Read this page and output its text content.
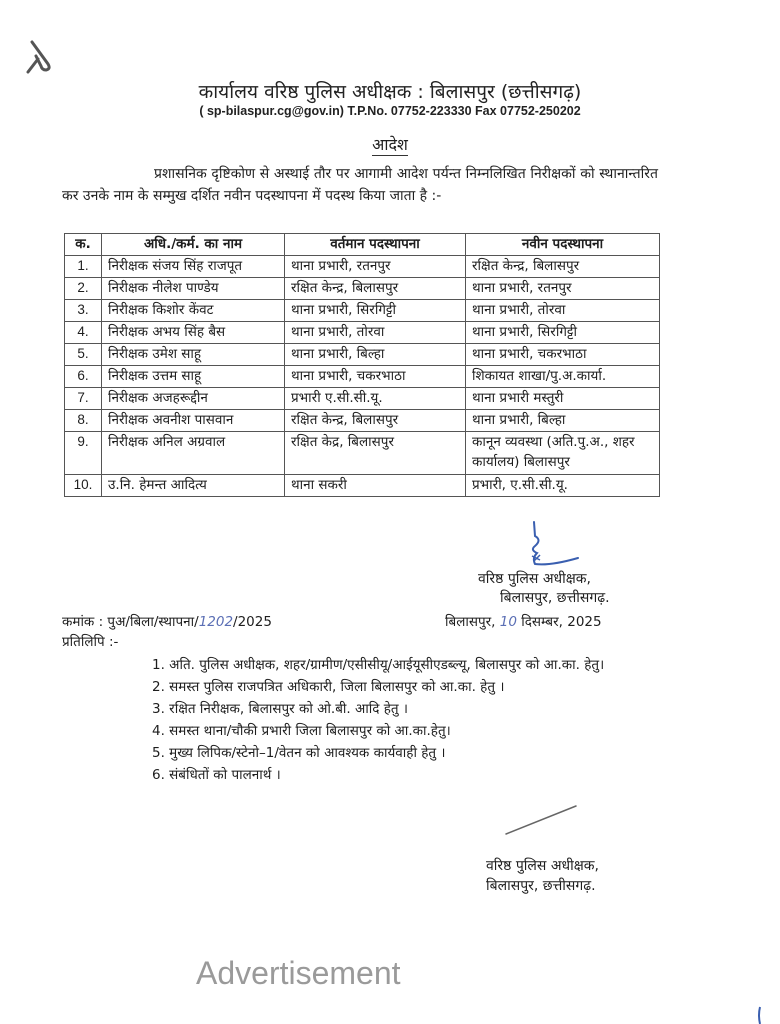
कार्यालय वरिष्ठ पुलिस अधीक्षक : बिलासपुर (छत्तीसगढ़)
( sp-bilaspur.cg@gov.in) T.P.No. 07752-223330 Fax 07752-250202
आदेश
प्रशासनिक दृष्टिकोण से अस्थाई तौर पर आगामी आदेश पर्यन्त निम्नलिखित निरीक्षकों को स्थानान्तरित कर उनके नाम के सम्मुख दर्शित नवीन पदस्थापना में पदस्थ किया जाता है :-
क.	अधि./कर्म. का नाम	वर्तमान पदस्थापना	नवीन पदस्थापना
1.	निरीक्षक संजय सिंह राजपूत	थाना प्रभारी, रतनपुर	रक्षित केन्द्र, बिलासपुर
2.	निरीक्षक नीलेश पाण्डेय	रक्षित केन्द्र, बिलासपुर	थाना प्रभारी, रतनपुर
3.	निरीक्षक किशोर केंवट	थाना प्रभारी, सिरगिट्टी	थाना प्रभारी, तोरवा
4.	निरीक्षक अभय सिंह बैस	थाना प्रभारी, तोरवा	थाना प्रभारी, सिरगिट्टी
5.	निरीक्षक उमेश साहू	थाना प्रभारी, बिल्हा	थाना प्रभारी, चकरभाठा
6.	निरीक्षक उत्तम साहू	थाना प्रभारी, चकरभाठा	शिकायत शाखा/पु.अ.कार्या.
7.	निरीक्षक अजहरूद्दीन	प्रभारी ए.सी.सी.यू.	थाना प्रभारी मस्तुरी
8.	निरीक्षक अवनीश पासवान	रक्षित केन्द्र, बिलासपुर	थाना प्रभारी, बिल्हा
9.	निरीक्षक अनिल अग्रवाल	रक्षित केद्र, बिलासपुर	कानून व्यवस्था (अति.पु.अ., शहर कार्यालय) बिलासपुर
10.	उ.नि. हेमन्त आदित्य	थाना सकरी	प्रभारी, ए.सी.सी.यू.
वरिष्ठ पुलिस अधीक्षक,
बिलासपुर, छत्तीसगढ़.
कमांक : पुअ/बिला/स्थापना/1202/2025	बिलासपुर, 10 दिसम्बर, 2025
प्रतिलिपि :-
1. अति. पुलिस अधीक्षक, शहर/ग्रामीण/एसीसीयू/आईयूसीएडब्ल्यू, बिलासपुर को आ.का. हेतु।
2. समस्त पुलिस राजपत्रित अधिकारी, जिला बिलासपुर को आ.का. हेतु ।
3. रक्षित निरीक्षक, बिलासपुर को ओ.बी. आदि हेतु ।
4. समस्त थाना/चौकी प्रभारी जिला बिलासपुर को आ.का.हेतु।
5. मुख्य लिपिक/स्टेनो–1/वेतन को आवश्यक कार्यवाही हेतु ।
6. संबंधितों को पालनार्थ ।
वरिष्ठ पुलिस अधीक्षक,
बिलासपुर, छत्तीसगढ़.
Advertisement
